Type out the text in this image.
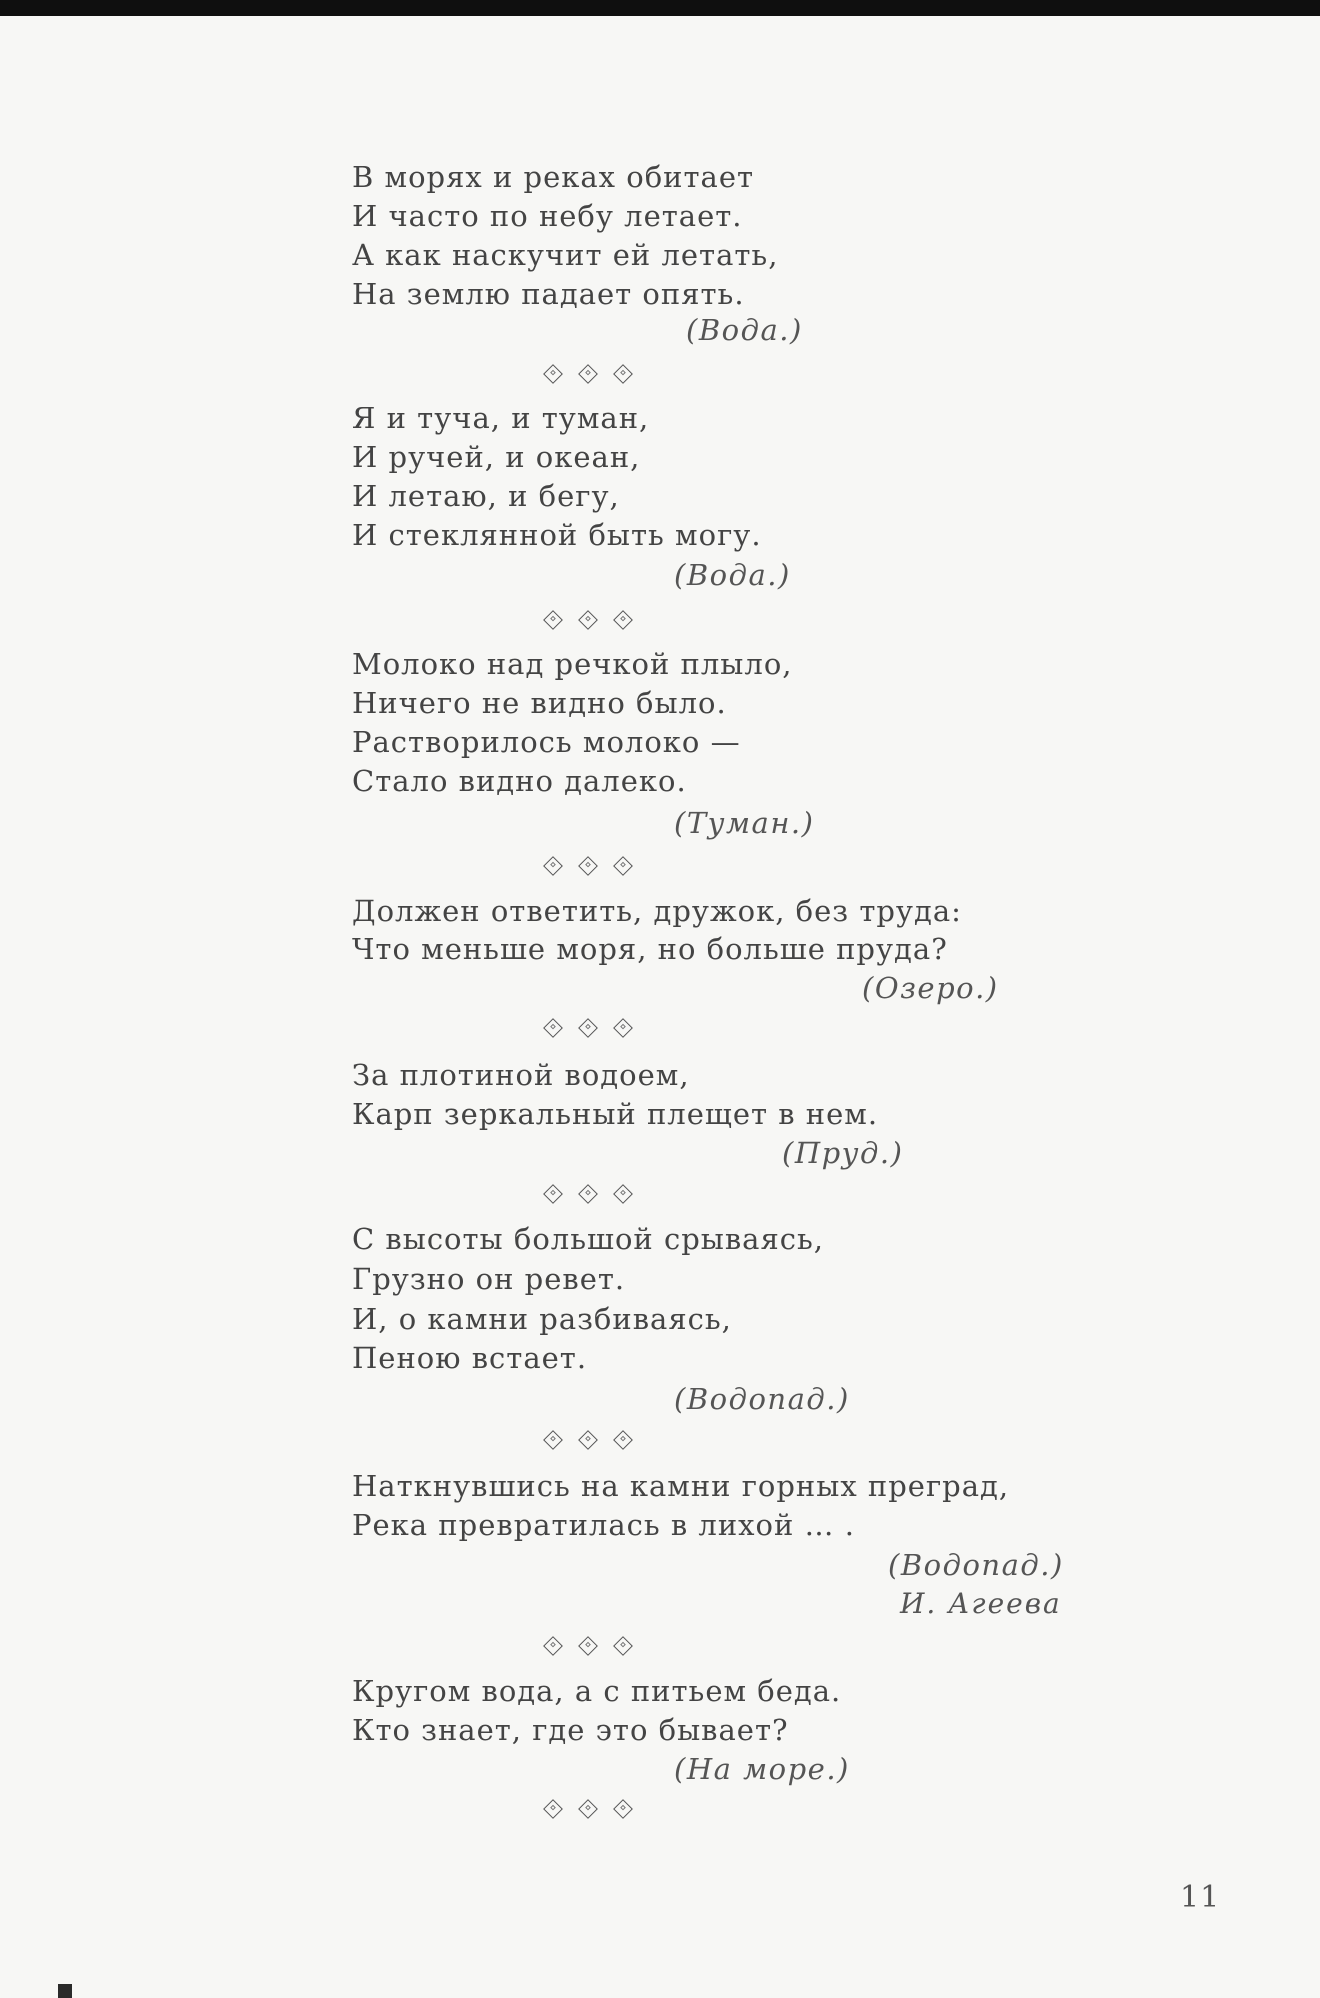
В морях и реках обитает
И часто по небу летает.
А как наскучит ей летать,
На землю падает опять.
(Вода.)
Я и туча, и туман,
И ручей, и океан,
И летаю, и бегу,
И стеклянной быть могу.
(Вода.)
Молоко над речкой плыло,
Ничего не видно было.
Растворилось молоко —
Стало видно далеко.
(Туман.)
Должен ответить, дружок, без труда:
Что меньше моря, но больше пруда?
(Озеро.)
За плотиной водоем,
Карп зеркальный плещет в нем.
(Пруд.)
С высоты большой срываясь,
Грузно он ревет.
И, о камни разбиваясь,
Пеною встает.
(Водопад.)
Наткнувшись на камни горных преград,
Река превратилась в лихой … .
(Водопад.)
И. Агеева
Кругом вода, а с питьем беда.
Кто знает, где это бывает?
(На море.)
11
